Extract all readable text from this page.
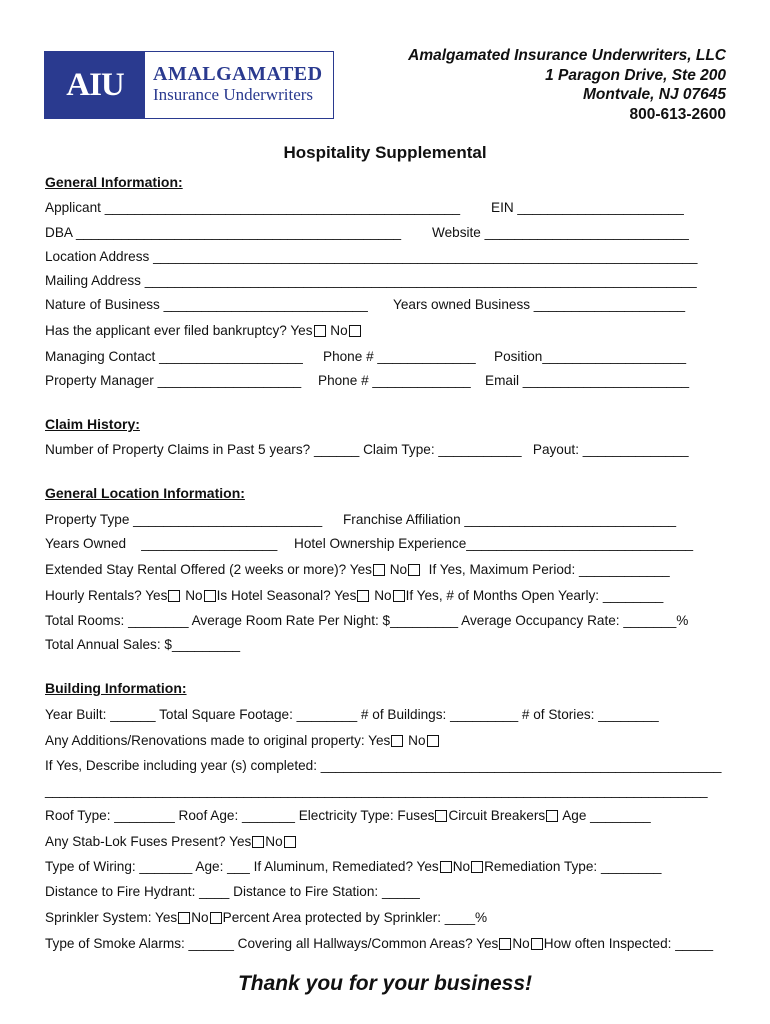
AIU	AMALGAMATED
Insurance Underwriters
Amalgamated Insurance Underwriters, LLC
1 Paragon Drive, Ste 200
Montvale, NJ 07645
800-613-2600
Hospitality Supplemental
General Information:
Applicant _______________________________________________ EIN ______________________
DBA ___________________________________________ Website ___________________________
Location Address ________________________________________________________________________
Mailing Address _________________________________________________________________________
Nature of Business ___________________________ Years owned Business ____________________
Has the applicant ever filed bankruptcy? Yes No
Managing Contact ___________________ Phone # _____________ Position___________________
Property Manager ___________________ Phone # _____________ Email ______________________
Claim History:
Number of Property Claims in Past 5 years? ______ Claim Type: ___________   Payout: ______________
General Location Information:
Property Type _________________________ Franchise Affiliation ____________________________
Years Owned    __________________ Hotel Ownership Experience______________________________
Extended Stay Rental Offered (2 weeks or more)? Yes No If Yes, Maximum Period: ____________
Hourly Rentals? Yes No Is Hotel Seasonal? Yes No If Yes, # of Months Open Yearly: ________
Total Rooms: ________ Average Room Rate Per Night: $_________ Average Occupancy Rate: _______%
Total Annual Sales: $_________
Building Information:
Year Built: ______ Total Square Footage: ________ # of Buildings: _________ # of Stories: ________
Any Additions/Renovations made to original property: Yes No
If Yes, Describe including year (s) completed: _____________________________________________________
__________________________________________________________________________________________
Roof Type: ________ Roof Age: _______ Electricity Type: Fuses Circuit Breakers Age ________
Any Stab-Lok Fuses Present? Yes No
Type of Wiring: _______ Age: ___ If Aluminum, Remediated? Yes No Remediation Type: ________
Distance to Fire Hydrant: ____ Distance to Fire Station: _____
Sprinkler System: Yes No Percent Area protected by Sprinkler: ____%
Type of Smoke Alarms: ______ Covering all Hallways/Common Areas? Yes No How often Inspected: _____
Thank you for your business!
